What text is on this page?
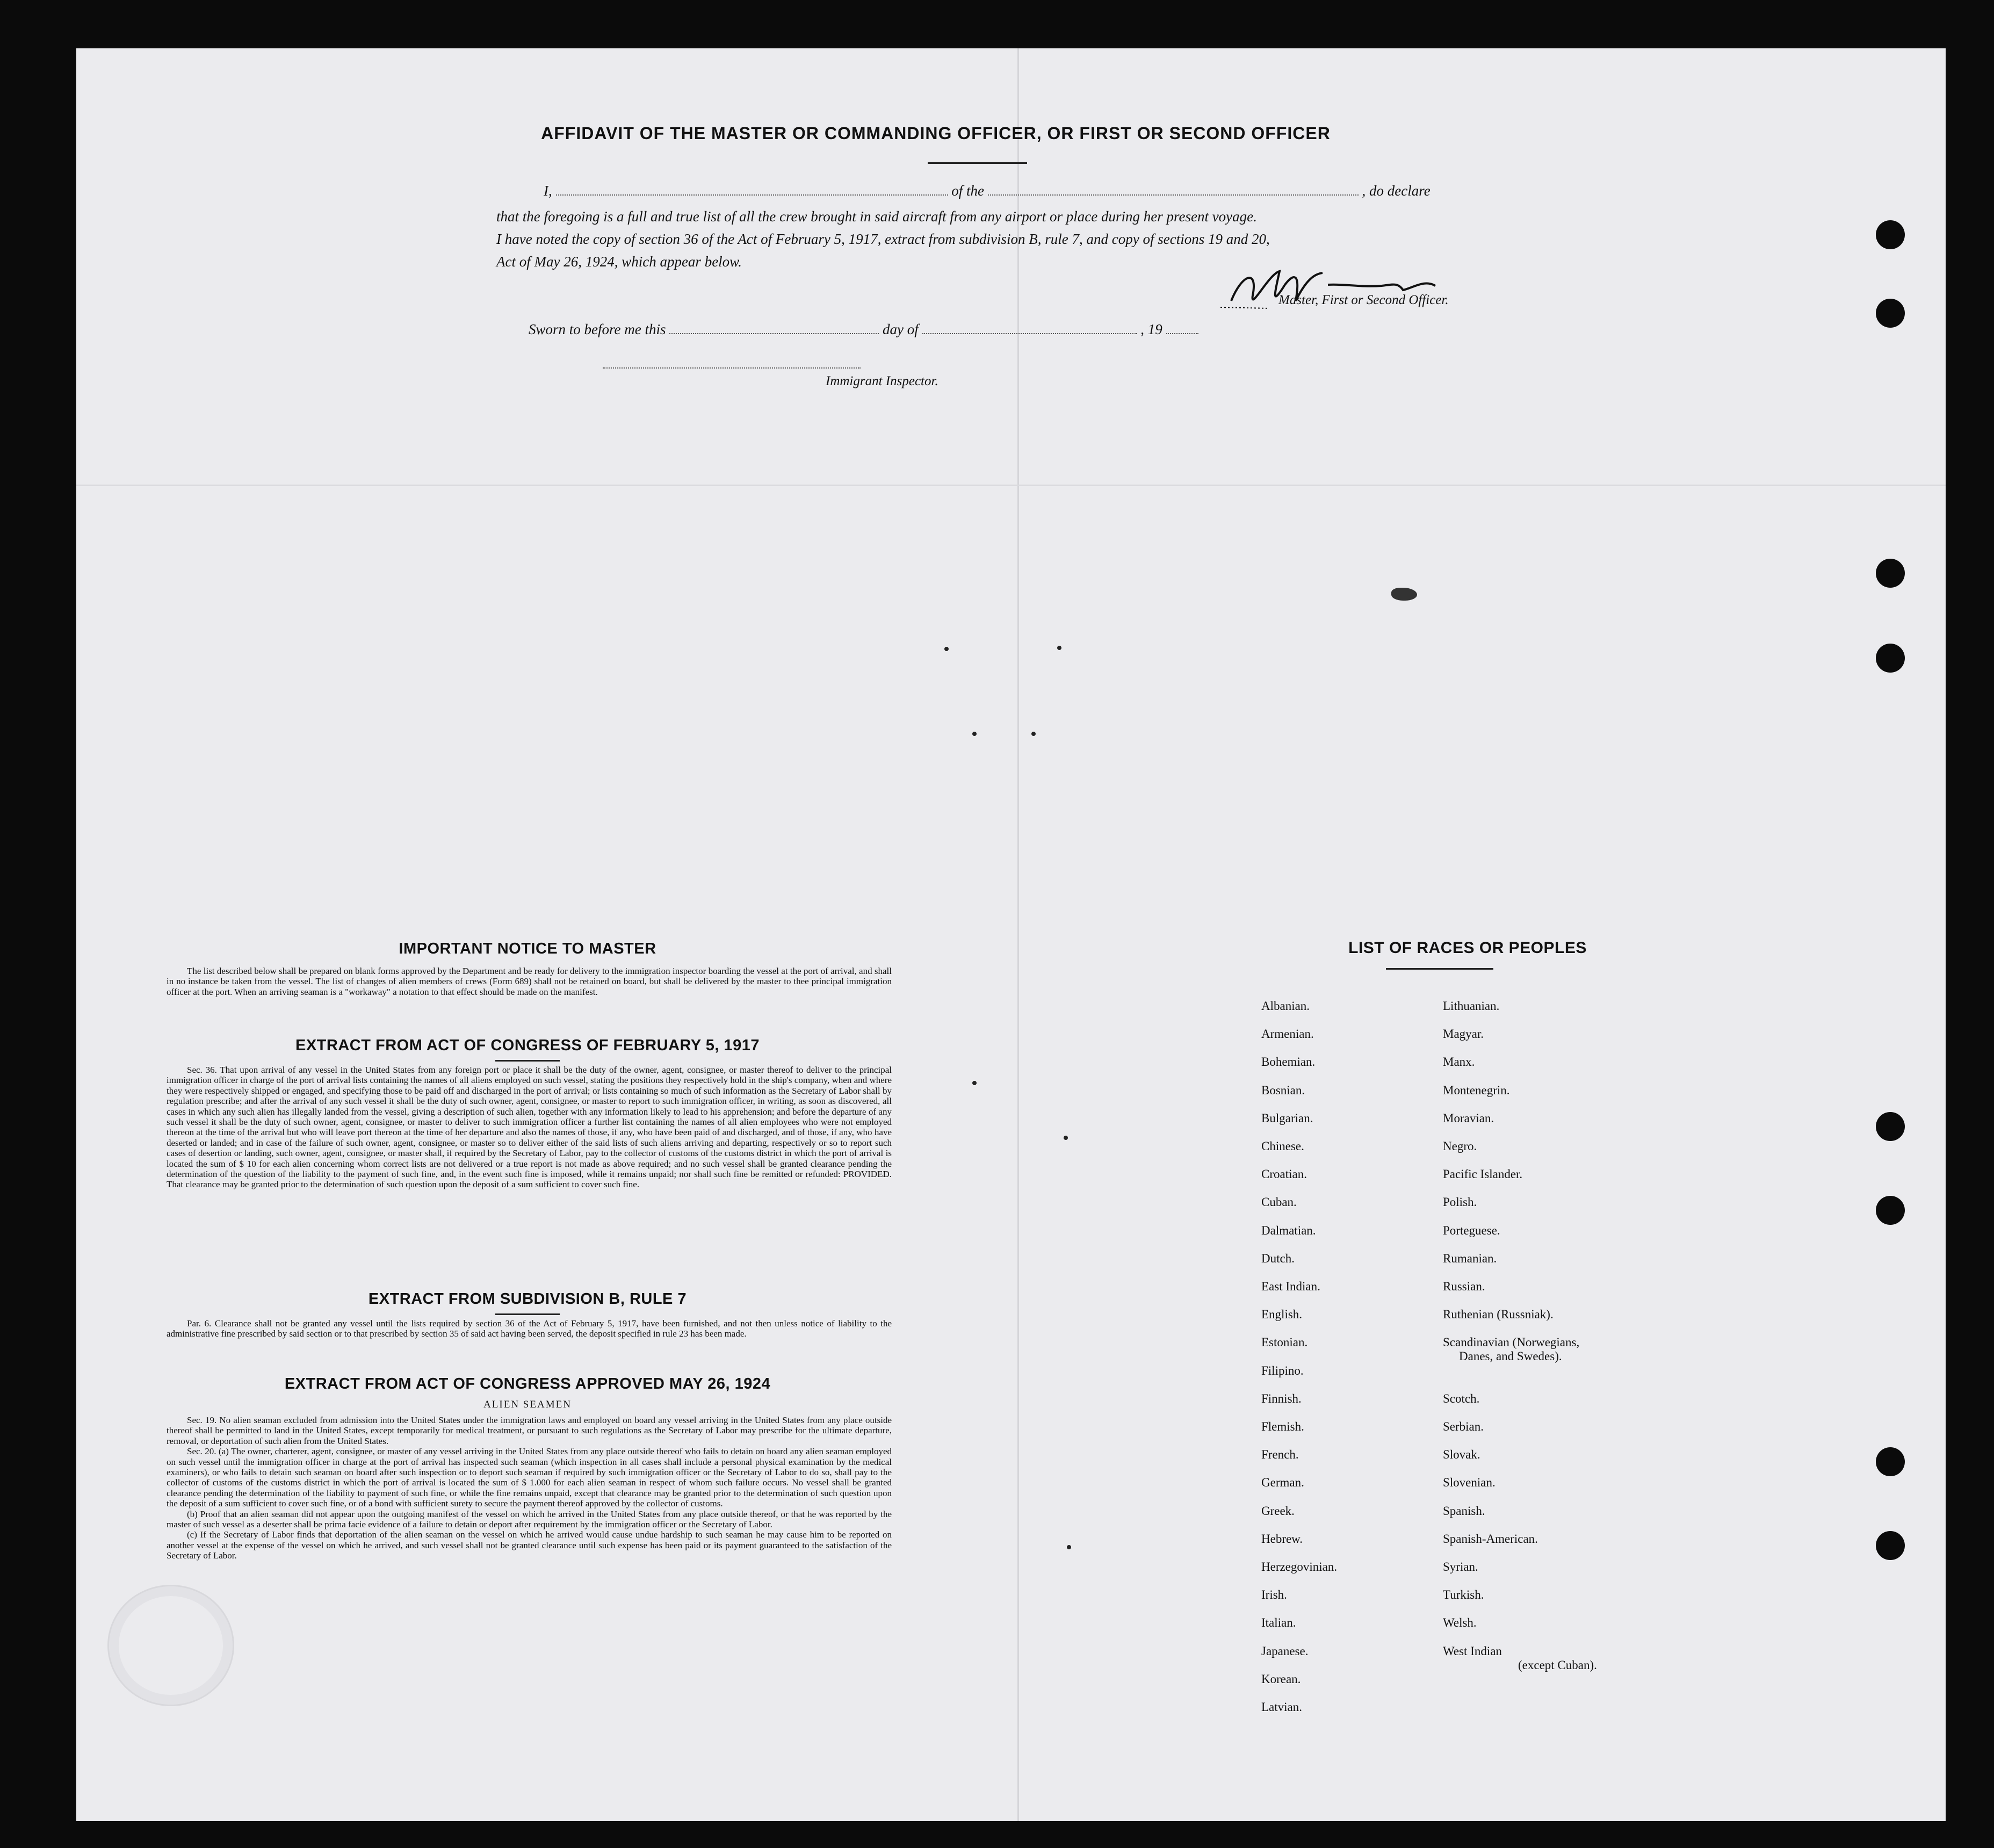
AFFIDAVIT OF THE MASTER OR COMMANDING OFFICER, OR FIRST OR SECOND OFFICER
I,	of the	, do declare
that the foregoing is a full and true list of all the crew brought in said aircraft from any airport or place during her present voyage.
I have noted the copy of section 36 of the Act of February 5, 1917, extract from subdivision B, rule 7, and copy of sections 19 and 20,
Act of May 26, 1924, which appear below.
Master, First or Second Officer.
Sworn to before me this	day of	, 19
Immigrant Inspector.
IMPORTANT NOTICE TO MASTER

The list described below shall be prepared on blank forms approved by the Department and be ready for delivery to the immigration inspector boarding the vessel at the port of arrival, and shall in no instance be taken from the vessel. The list of changes of alien members of crews (Form 689) shall not be retained on board, but shall be delivered by the master to thee principal immigration officer at the port. When an arriving seaman is a "workaway" a notation to that effect should be made on the manifest.

EXTRACT FROM ACT OF CONGRESS OF FEBRUARY 5, 1917

Sec. 36. That upon arrival of any vessel in the United States from any foreign port or place it shall be the duty of the owner, agent, consignee, or master thereof to deliver to the principal immigration officer in charge of the port of arrival lists containing the names of all aliens employed on such vessel, stating the positions they respectively hold in the ship's company, when and where they were respectively shipped or engaged, and specifying those to be paid off and discharged in the port of arrival; or lists containing so much of such information as the Secretary of Labor shall by regulation prescribe; and after the arrival of any such vessel it shall be the duty of such owner, agent, consignee, or master to report to such immigration officer, in writing, as soon as discovered, all cases in which any such alien has illegally landed from the vessel, giving a description of such alien, together with any information likely to lead to his apprehension; and before the departure of any such vessel it shall be the duty of such owner, agent, consignee, or master to deliver to such immigration officer a further list containing the names of all alien employees who were not employed thereon at the time of the arrival but who will leave port thereon at the time of her departure and also the names of those, if any, who have been paid of and discharged, and of those, if any, who have deserted or landed; and in case of the failure of such owner, agent, consignee, or master so to deliver either of the said lists of such aliens arriving and departing, respectively or so to report such cases of desertion or landing, such owner, agent, consignee, or master shall, if required by the Secretary of Labor, pay to the collector of customs of the customs district in which the port of arrival is located the sum of $ 10 for each alien concerning whom correct lists are not delivered or a true report is not made as above required; and no such vessel shall be granted clearance pending the determination of the question of the liability to the payment of such fine, and, in the event such fine is imposed, while it remains unpaid; nor shall such fine be remitted or refunded: PROVIDED. That clearance may be granted prior to the determination of such question upon the deposit of a sum sufficient to cover such fine.

EXTRACT FROM SUBDIVISION B, RULE 7

Par. 6. Clearance shall not be granted any vessel until the lists required by section 36 of the Act of February 5, 1917, have been furnished, and not then unless notice of liability to the administrative fine prescribed by said section or to that prescribed by section 35 of said act having been served, the deposit specified in rule 23 has been made.

EXTRACT FROM ACT OF CONGRESS APPROVED MAY 26, 1924
ALIEN SEAMEN

Sec. 19. No alien seaman excluded from admission into the United States under the immigration laws and employed on board any vessel arriving in the United States from any place outside thereof shall be permitted to land in the United States, except temporarily for medical treatment, or pursuant to such regulations as the Secretary of Labor may prescribe for the ultimate departure, removal, or deportation of such alien from the United States.

Sec. 20. (a) The owner, charterer, agent, consignee, or master of any vessel arriving in the United States from any place outside thereof who fails to detain on board any alien seaman employed on such vessel until the immigration officer in charge at the port of arrival has inspected such seaman (which inspection in all cases shall include a personal physical examination by the medical examiners), or who fails to detain such seaman on board after such inspection or to deport such seaman if required by such immigration officer or the Secretary of Labor to do so, shall pay to the collector of customs of the customs district in which the port of arrival is located the sum of $ 1.000 for each alien seaman in respect of whom such failure occurs. No vessel shall be granted clearance pending the determination of the liability to payment of such fine, or while the fine remains unpaid, except that clearance may be granted prior to the determination of such question upon the deposit of a sum sufficient to cover such fine, or of a bond with sufficient surety to secure the payment thereof approved by the collector of customs.

(b) Proof that an alien seaman did not appear upon the outgoing manifest of the vessel on which he arrived in the United States from any place outside thereof, or that he was reported by the master of such vessel as a deserter shall be prima facie evidence of a failure to detain or deport after requirement by the immigration officer or the Secretary of Labor.

(c) If the Secretary of Labor finds that deportation of the alien seaman on the vessel on which he arrived would cause undue hardship to such seaman he may cause him to be reported on another vessel at the expense of the vessel on which he arrived, and such vessel shall not be granted clearance until such expense has been paid or its payment guaranteed to the satisfaction of the Secretary of Labor.

LIST OF RACES OR PEOPLES
Albanian.
Armenian.
Bohemian.
Bosnian.
Bulgarian.
Chinese.
Croatian.
Cuban.
Dalmatian.
Dutch.
East Indian.
English.
Estonian.
Filipino.
Finnish.
Flemish.
French.
German.
Greek.
Hebrew.
Herzegovinian.
Irish.
Italian.
Japanese.
Korean.
Latvian.
Lithuanian.
Magyar.
Manx.
Montenegrin.
Moravian.
Negro.
Pacific Islander.
Polish.
Porteguese.
Rumanian.
Russian.
Ruthenian (Russniak).
Scandinavian (Norwegians,
Danes, and Swedes).
Scotch.
Serbian.
Slovak.
Slovenian.
Spanish.
Spanish-American.
Syrian.
Turkish.
Welsh.
West Indian
(except Cuban).
